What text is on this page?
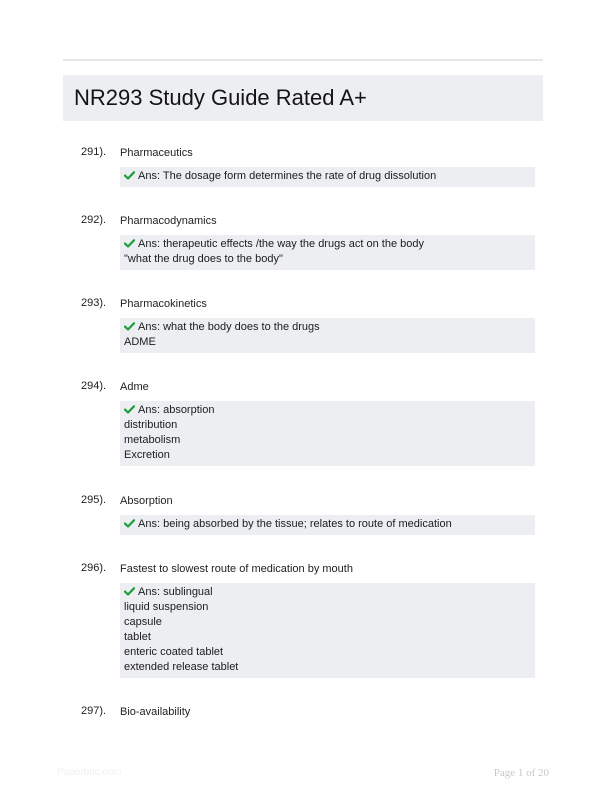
NR293 Study Guide Rated A+
291). Pharmaceutics
Ans: The dosage form determines the rate of drug dissolution
292). Pharmacodynamics
Ans: therapeutic effects /the way the drugs act on the body
"what the drug does to the body"
293). Pharmacokinetics
Ans: what the body does to the drugs
ADME
294). Adme
Ans: absorption
distribution
metabolism
Excretion
295). Absorption
Ans: being absorbed by the tissue; relates to route of medication
296). Fastest to slowest route of medication by mouth
Ans: sublingual
liquid suspension
capsule
tablet
enteric coated tablet
extended release tablet
297). Bio-availability
Paperbbc.com	Page 1 of 20
